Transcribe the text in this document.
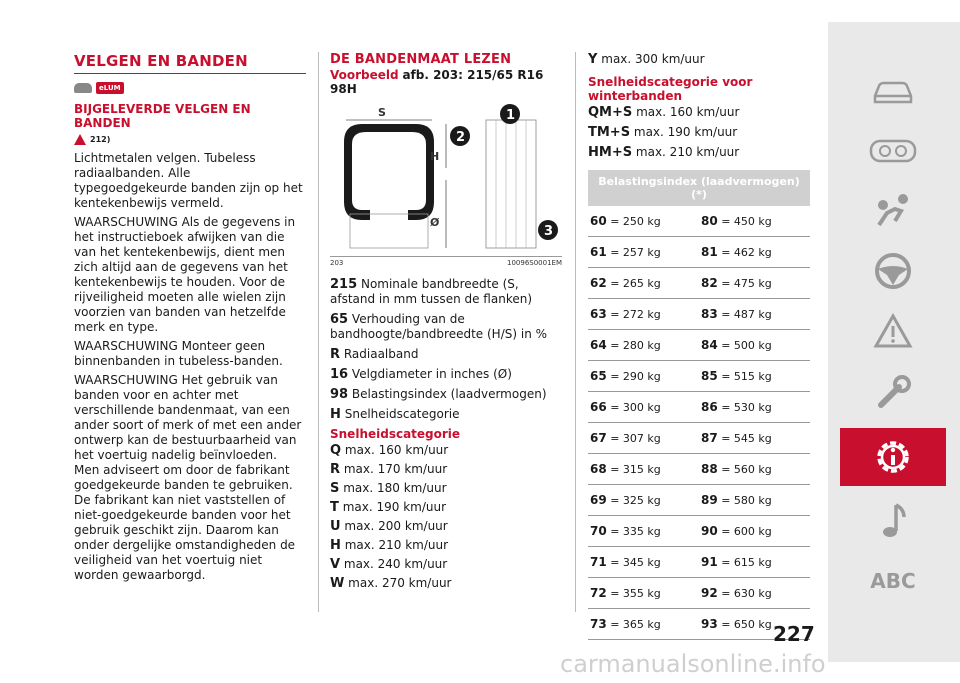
VELGEN EN BANDEN
eLUM
BIJGELEVERDE VELGEN EN BANDEN
212)

Lichtmetalen velgen. Tubeless radiaalbanden. Alle typegoedgekeurde banden zijn op het kentekenbewijs vermeld.

WAARSCHUWING Als de gegevens in het instructieboek afwijken van die van het kentekenbewijs, dient men zich altijd aan de gegevens van het kentekenbewijs te houden. Voor de rijveiligheid moeten alle wielen zijn voorzien van banden van hetzelfde merk en type.

WAARSCHUWING Monteer geen binnenbanden in tubeless-banden.

WAARSCHUWING Het gebruik van banden voor en achter met verschillende bandenmaat, van een ander soort of merk of met een ander ontwerp kan de bestuurbaarheid van het voertuig nadelig beïnvloeden. Men adviseert om door de fabrikant goedgekeurde banden te gebruiken. De fabrikant kan niet vaststellen of niet-goedgekeurde banden voor het gebruik geschikt zijn. Daarom kan onder dergelijke omstandigheden de veiligheid van het voertuig niet worden gewaarborgd.

DE BANDENMAAT LEZEN
Voorbeeld afb. 203: 215/65 R16 98H
S
H
Ø
1
2
3
203	10096S0001EM
215 Nominale bandbreedte (S, afstand in mm tussen de flanken)
65 Verhouding van de bandhoogte/bandbreedte (H/S) in %
R Radiaalband
16 Velgdiameter in inches (Ø)
98 Belastingsindex (laadvermogen)
H Snelheidscategorie
Snelheidscategorie
Q max. 160 km/uur
R max. 170 km/uur
S max. 180 km/uur
T max. 190 km/uur
U max. 200 km/uur
H max. 210 km/uur
V max. 240 km/uur
W max. 270 km/uur
Y max. 300 km/uur
Snelheidscategorie voor winterbanden
QM+S max. 160 km/uur
TM+S max. 190 km/uur
HM+S max. 210 km/uur
Belastingsindex (laadvermogen) (*)	
60 = 250 kg	80 = 450 kg
61 = 257 kg	81 = 462 kg
62 = 265 kg	82 = 475 kg
63 = 272 kg	83 = 487 kg
64 = 280 kg	84 = 500 kg
65 = 290 kg	85 = 515 kg
66 = 300 kg	86 = 530 kg
67 = 307 kg	87 = 545 kg
68 = 315 kg	88 = 560 kg
69 = 325 kg	89 = 580 kg
70 = 335 kg	90 = 600 kg
71 = 345 kg	91 = 615 kg
72 = 355 kg	92 = 630 kg
73 = 365 kg	93 = 650 kg
ABC
227
carmanualsonline.info
